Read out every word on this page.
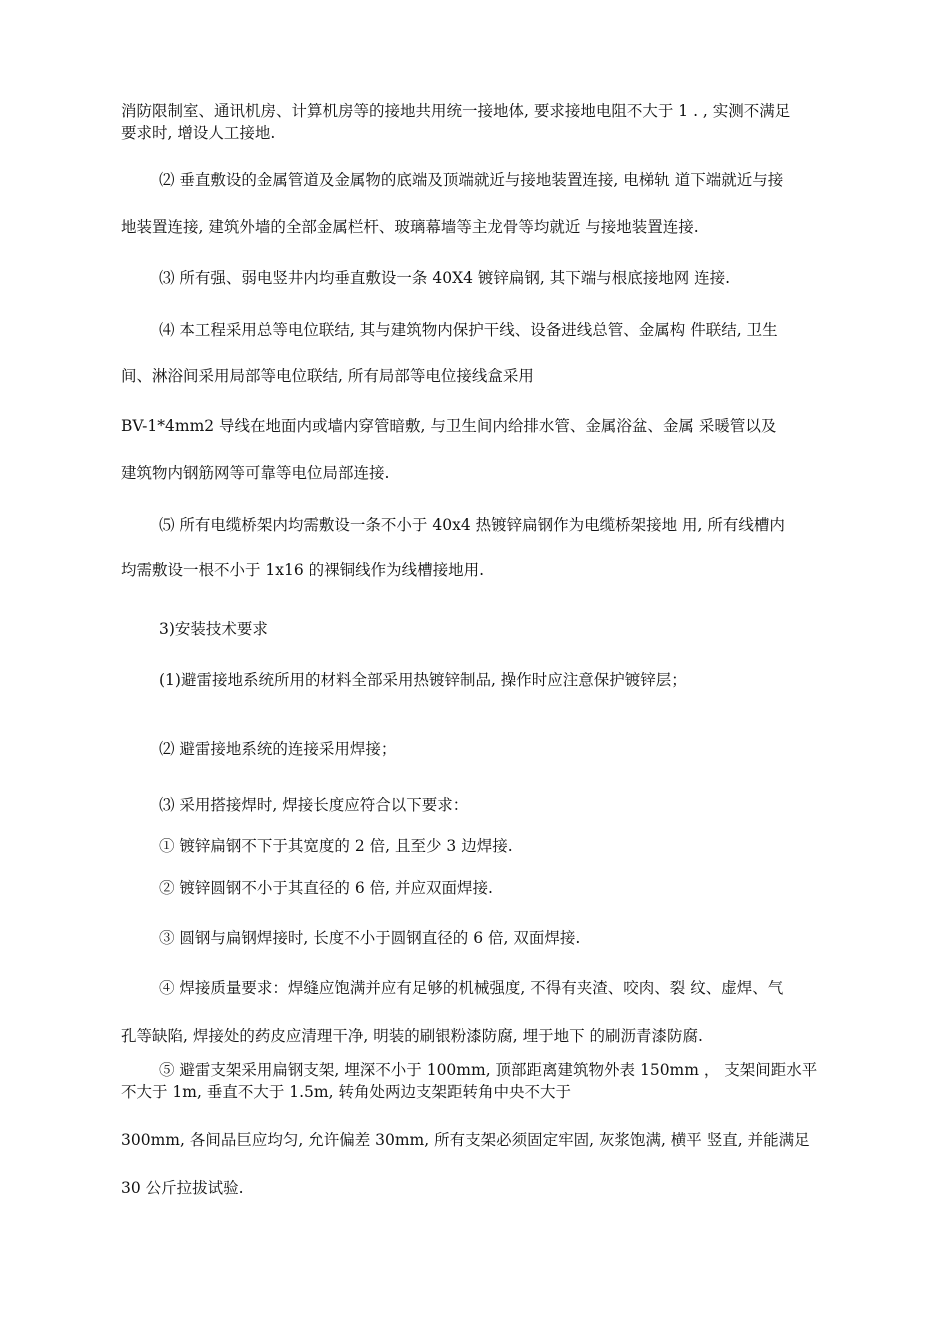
消防限制室、通讯机房、计算机房等的接地共用统一接地体, 要求接地电阻不大于 1 . , 实测不满足
要求时, 增设人工接地.
⑵ 垂直敷设的金属管道及金属物的底端及顶端就近与接地装置连接, 电梯轨 道下端就近与接
地装置连接, 建筑外墙的全部金属栏杆、玻璃幕墙等主龙骨等均就近 与接地装置连接.
⑶ 所有强、弱电竖井内均垂直敷设一条 40X4 镀锌扁钢, 其下端与根底接地网 连接.
⑷ 本工程采用总等电位联结, 其与建筑物内保护干线、设备进线总管、金属构 件联结, 卫生
间、淋浴间采用局部等电位联结, 所有局部等电位接线盒采用
BV-1*4mm2 导线在地面内或墙内穿管暗敷, 与卫生间内给排水管、金属浴盆、金属 采暖管以及
建筑物内钢筋网等可靠等电位局部连接.
⑸ 所有电缆桥架内均需敷设一条不小于 40x4 热镀锌扁钢作为电缆桥架接地 用, 所有线槽内
均需敷设一根不小于 1x16 的裸铜线作为线槽接地用.
3)安装技术要求
(1)避雷接地系统所用的材料全部采用热镀锌制品, 操作时应注意保护镀锌层；
⑵ 避雷接地系统的连接采用焊接；
⑶ 采用搭接焊时, 焊接长度应符合以下要求：
① 镀锌扁钢不下于其宽度的 2 倍, 且至少 3 边焊接.
② 镀锌圆钢不小于其直径的 6 倍, 并应双面焊接.
③ 圆钢与扁钢焊接时, 长度不小于圆钢直径的 6 倍, 双面焊接.
④ 焊接质量要求：焊缝应饱满并应有足够的机械强度, 不得有夹渣、咬肉、裂 纹、虚焊、气
孔等缺陷, 焊接处的药皮应清理干净, 明装的刷银粉漆防腐, 埋于地下 的刷沥青漆防腐.
⑤ 避雷支架采用扁钢支架, 埋深不小于 100mm, 顶部距离建筑物外表 150mm ， 支架间距水平
不大于 1m, 垂直不大于 1.5m, 转角处两边支架距转角中央不大于
300mm, 各间品巨应均匀, 允许偏差 30mm, 所有支架必须固定牢固, 灰浆饱满, 横平 竖直, 并能满足
30 公斤拉拔试验.
